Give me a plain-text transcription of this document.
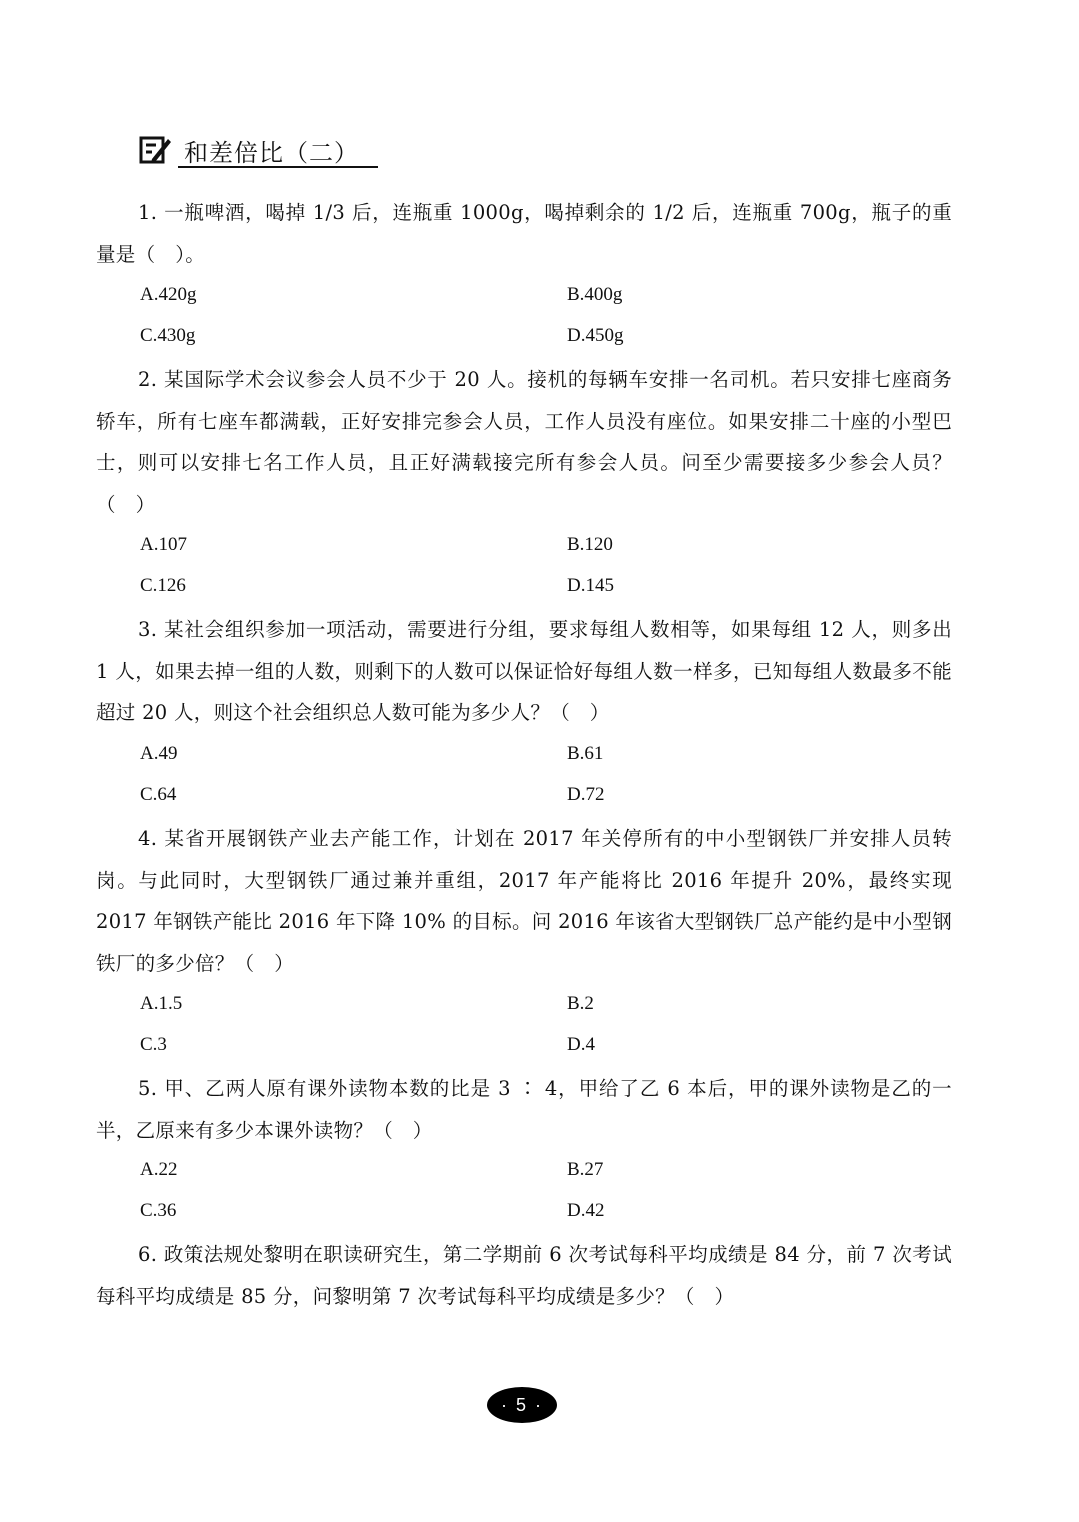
和差倍比（二）
1. 一瓶啤酒，喝掉 1/3 后，连瓶重 1000g，喝掉剩余的 1/2 后，连瓶重 700g，瓶子的重量是（　）。
A.420g	B.400g
C.430g	D.450g
2. 某国际学术会议参会人员不少于 20 人。接机的每辆车安排一名司机。若只安排七座商务轿车，所有七座车都满载，正好安排完参会人员，工作人员没有座位。如果安排二十座的小型巴士，则可以安排七名工作人员，且正好满载接完所有参会人员。问至少需要接多少参会人员？（　）
A.107	B.120
C.126	D.145
3. 某社会组织参加一项活动，需要进行分组，要求每组人数相等，如果每组 12 人，则多出 1 人，如果去掉一组的人数，则剩下的人数可以保证恰好每组人数一样多，已知每组人数最多不能超过 20 人，则这个社会组织总人数可能为多少人？（　）
A.49	B.61
C.64	D.72
4. 某省开展钢铁产业去产能工作，计划在 2017 年关停所有的中小型钢铁厂并安排人员转岗。与此同时，大型钢铁厂通过兼并重组，2017 年产能将比 2016 年提升 20%，最终实现 2017 年钢铁产能比 2016 年下降 10% 的目标。问 2016 年该省大型钢铁厂总产能约是中小型钢铁厂的多少倍？（　）
A.1.5	B.2
C.3	D.4
5. 甲、乙两人原有课外读物本数的比是 3 ∶ 4，甲给了乙 6 本后，甲的课外读物是乙的一半，乙原来有多少本课外读物？（　）
A.22	B.27
C.36	D.42
6. 政策法规处黎明在职读研究生，第二学期前 6 次考试每科平均成绩是 84 分，前 7 次考试每科平均成绩是 85 分，问黎明第 7 次考试每科平均成绩是多少？（　）
· 5 ·
